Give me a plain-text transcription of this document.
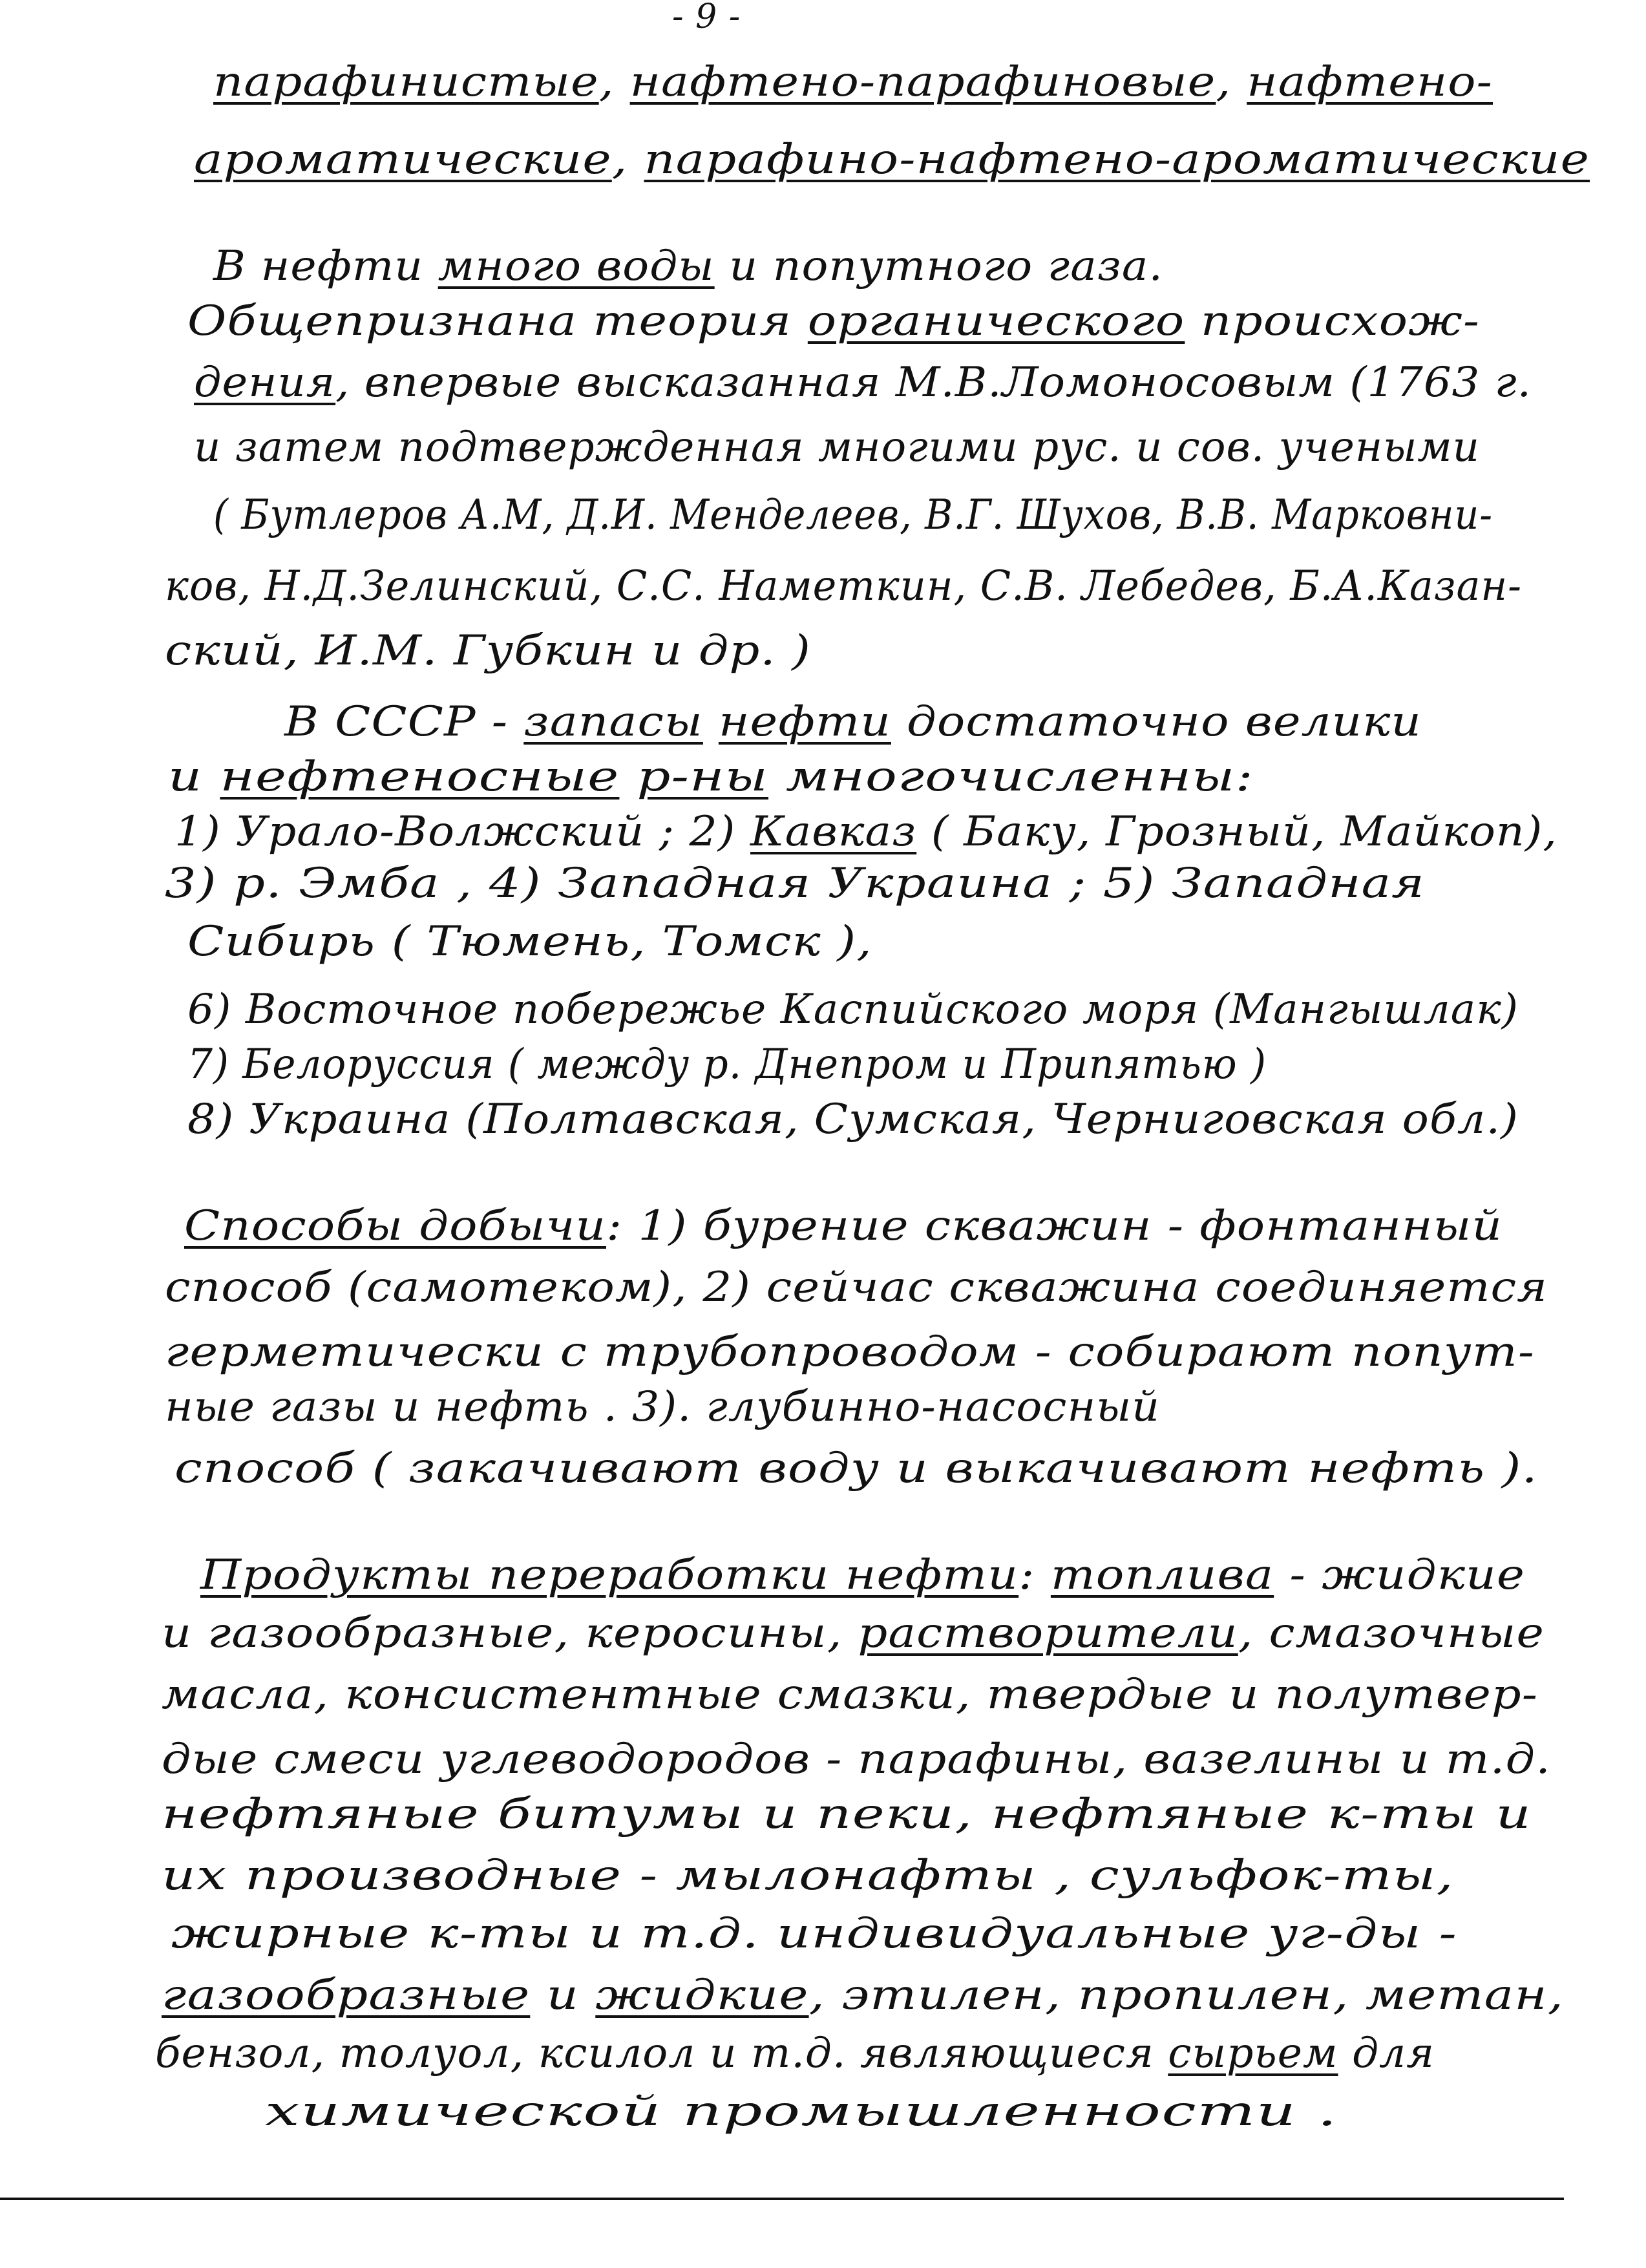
- 9 -
парафинистые, нафтено-парафиновые, нафтено-
ароматические, парафино-нафтено-ароматические
В нефти много воды и попутного газа.
Общепризнана теория органического происхож-
дения, впервые высказанная М.В.Ломоносовым (1763 г.
и затем подтвержденная многими рус. и сов. учеными
( Бутлеров А.М, Д.И. Менделеев, В.Г. Шухов, В.В. Марковни-
ков, Н.Д.Зелинский, С.С. Наметкин, С.В. Лебедев, Б.А.Казан-
ский, И.М. Губкин и др. )
В СССР - запасы нефти достаточно велики
и нефтеносные р-ны многочисленны:
1) Урало-Волжский ; 2) Кавказ ( Баку, Грозный, Майкоп),
3) р. Эмба , 4) Западная Украина ; 5) Западная
Сибирь ( Тюмень, Томск ),
6) Восточное побережье Каспийского моря (Мангышлак)
7) Белоруссия ( между р. Днепром и Припятью )
8) Украина (Полтавская, Сумская, Черниговская обл.)
Способы добычи: 1) бурение скважин - фонтанный
способ (самотеком), 2) сейчас скважина соединяется
герметически с трубопроводом - собирают попут-
ные газы и нефть . 3). глубинно-насосный
способ ( закачивают воду и выкачивают нефть ).
Продукты переработки нефти: топлива - жидкие
и газообразные, керосины, растворители, смазочные
масла, консистентные смазки, твердые и полутвер-
дые смеси углеводородов - парафины, вазелины и т.д.
нефтяные битумы и пеки, нефтяные к-ты и
их производные - мылонафты , сульфок-ты,
жирные к-ты и т.д. индивидуальные уг-ды -
газообразные и жидкие, этилен, пропилен, метан,
бензол, толуол, ксилол и т.д. являющиеся сырьем для
химической промышленности .
